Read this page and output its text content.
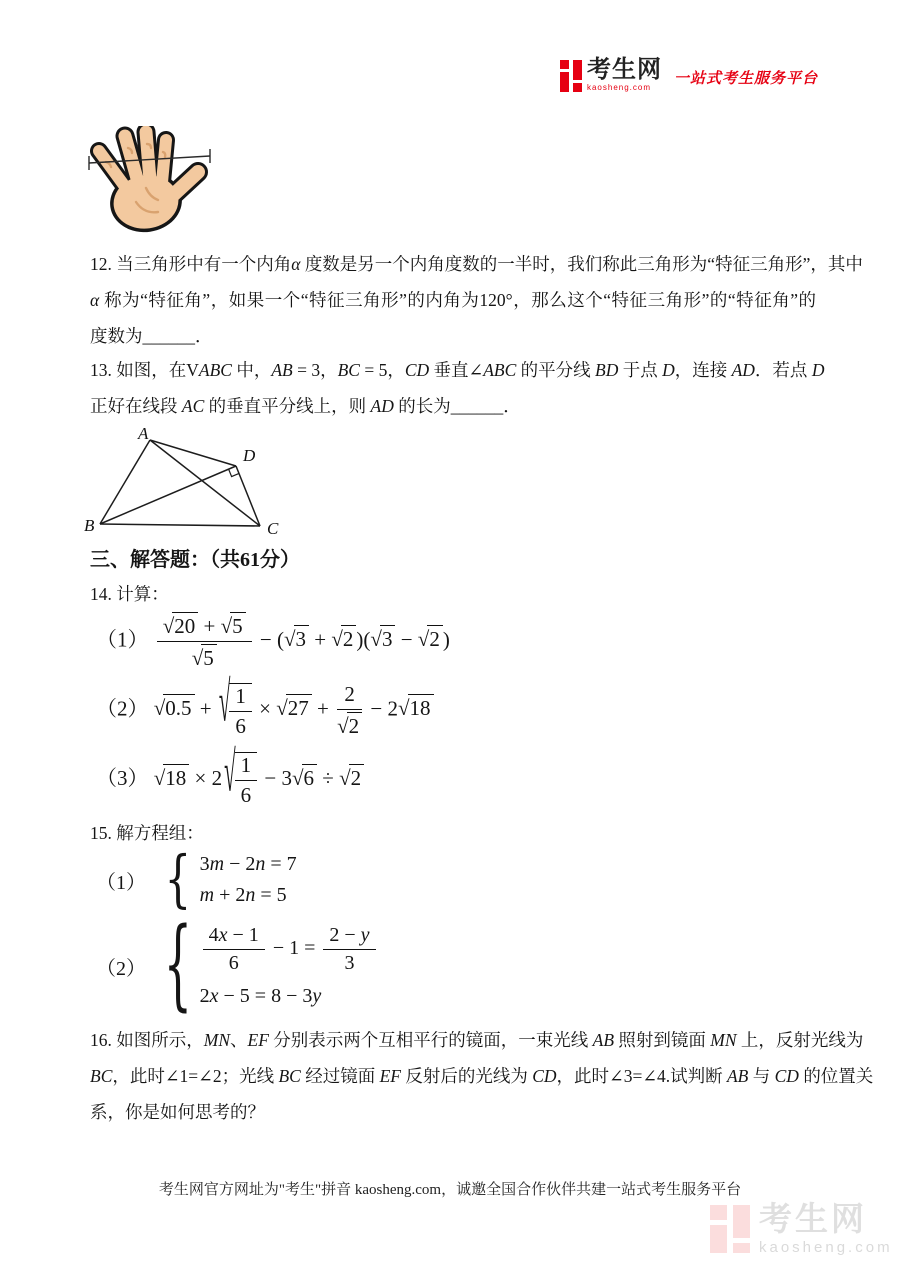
考生网
kaosheng.com
一站式考生服务平台
12. 当三角形中有一个内角α 度数是另一个内角度数的一半时，我们称此三角形为“特征三角形”，其中
α 称为“特征角”，如果一个“特征三角形”的内角为120°，那么这个“特征三角形”的“特征角”的
度数为______．
13. 如图，在VABC 中，AB = 3，BC = 5，CD 垂直∠ABC 的平分线 BD 于点 D，连接 AD．若点 D
正好在线段 AC 的垂直平分线上，则 AD 的长为______．
A
B	C
D
三、解答题：（共61分）
14. 计算：
$(1) \frac{√20 + √5}{√5} - (√3 + √2$ )(√3 − √2 )
（2） √0.5 + √ $\frac{1}{6} \times √27 + \frac{2}{√2} - 2√18$
（3） √18 × 2 √ $\frac{1}{6} - 3√6 \div √2$
15. 解方程组：
（1） { 3m − 2n = 7
m + 2n = 5
（2） { $\frac{4x - 1}{6} - 1 = \frac{2 - y}{3}$
2x − 5 = 8 − 3y
16. 如图所示，MN、EF 分别表示两个互相平行的镜面，一束光线 AB 照射到镜面 MN 上，反射光线为
BC，此时∠1=∠2；光线 BC 经过镜面 EF 反射后的光线为 CD，此时∠3=∠4.试判断 AB 与 CD 的位置关
系，你是如何思考的？
考生网官方网址为"考生"拼音 kaosheng.com，诚邀全国合作伙伴共建一站式考生服务平台
考生网
kaosheng.com
